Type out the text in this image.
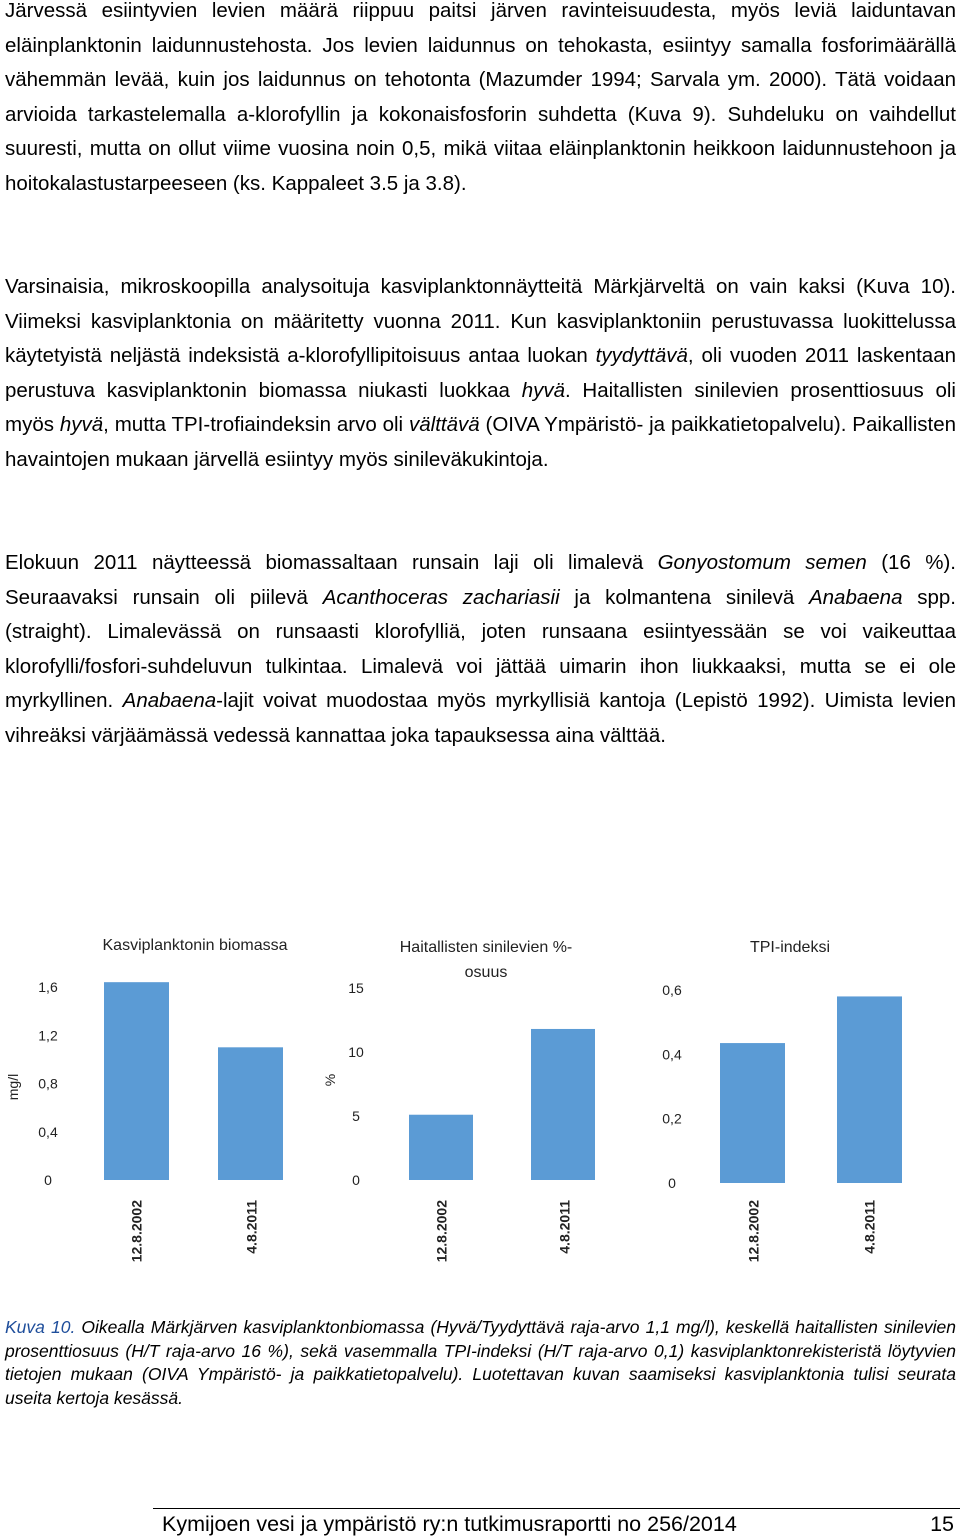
Järvessä esiintyvien levien määrä riippuu paitsi järven ravinteisuudesta, myös leviä laiduntavan eläinplanktonin laidunnustehosta. Jos levien laidunnus on tehokasta, esiintyy samalla fosforimäärällä vähemmän levää, kuin jos laidunnus on tehotonta (Mazumder 1994; Sarvala ym. 2000). Tätä voidaan arvioida tarkastelemalla a-klorofyllin ja kokonaisfosforin suhdetta (Kuva 9). Suhdeluku on vaihdellut suuresti, mutta on ollut viime vuosina noin 0,5, mikä viitaa eläinplanktonin heikkoon laidunnustehoon ja hoitokalastustarpeeseen (ks. Kappaleet 3.5 ja 3.8).

Varsinaisia, mikroskoopilla analysoituja kasviplanktonnäytteitä Märkjärveltä on vain kaksi (Kuva 10). Viimeksi kasviplanktonia on määritetty vuonna 2011. Kun kasviplanktoniin perustuvassa luokittelussa käytetyistä neljästä indeksistä a-klorofyllipitoisuus antaa luokan tyydyttävä, oli vuoden 2011 laskentaan perustuva kasviplanktonin biomassa niukasti luokkaa hyvä. Haitallisten sinilevien prosenttiosuus oli myös hyvä, mutta TPI-trofiaindeksin arvo oli välttävä (OIVA Ympäristö- ja paikkatietopalvelu). Paikallisten havaintojen mukaan järvellä esiintyy myös sinileväkukintoja.

Elokuun 2011 näytteessä biomassaltaan runsain laji oli limalevä Gonyostomum semen (16 %). Seuraavaksi runsain oli piilevä Acanthoceras zachariasii ja kolmantena sinilevä Anabaena spp. (straight). Limalevässä on runsaasti klorofylliä, joten runsaana esiintyessään se voi vaikeuttaa klorofylli/fosfori-suhdeluvun tulkintaa. Limalevä voi jättää uimarin ihon liukkaaksi, mutta se ei ole myrkyllinen. Anabaena-lajit voivat muodostaa myös myrkyllisiä kantoja (Lepistö 1992). Uimista levien vihreäksi värjäämässä vedessä kannattaa joka tapauksessa aina välttää.

Kasviplanktonin biomassa
mg/l
0
0,4
0,8
1,2
1,6
12.8.2002	4.8.2011
Haitallisten sinilevien %-
osuus
%
0
5
10
15
12.8.2002	4.8.2011
TPI-indeksi
0
0,2
0,4
0,6
12.8.2002	4.8.2011

Kuva 10. Oikealla Märkjärven kasviplanktonbiomassa (Hyvä/Tyydyttävä raja-arvo 1,1 mg/l), keskellä haitallisten sinilevien prosenttiosuus (H/T raja-arvo 16 %), sekä vasemmalla TPI-indeksi (H/T raja-arvo 0,1) kasviplanktonrekisteristä löytyvien tietojen mukaan (OIVA Ympäristö- ja paikkatietopalvelu). Luotettavan kuvan saamiseksi kasviplanktonia tulisi seurata useita kertoja kesässä.

Kymijoen vesi ja ympäristö ry:n tutkimusraportti no 256/2014	15
